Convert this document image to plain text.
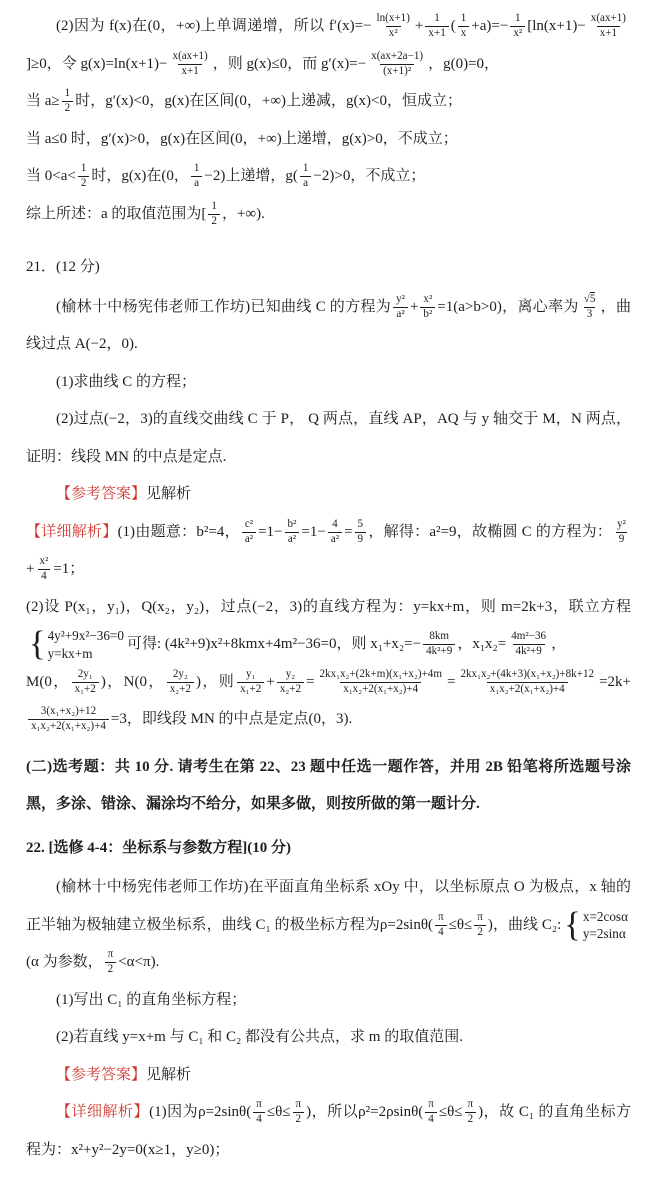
(2)因为 f(x)在(0，+∞)上单调递增，所以 $f'(x)=- \frac{\ln(x+1)}{\text{x²}} + \frac{1}{x+1}$ ( $\frac{1}{x} +a)=- \frac{1}{\text{x²}} [\ln(x+1)- \frac{x(ax+1)}{x+1}$
]≥0，令 $g(x)=\ln(x+1)- \frac{x(ax+1)}{x+1}$ ，则 g(x)≤0，而 $g'(x)=- \frac{x(ax+2a-1)}{\text{(x+1)²}}$ ，g(0)=0，
当 $a\ge \frac{1}{2}$ 时，g′(x)<0，g(x)在区间(0，+∞)上递减，g(x)<0，恒成立；
当 a≤0 时，g′(x)>0，g(x)在区间(0，+∞)上递增，g(x)>0，不成立；
当 $0<a< \frac{1}{2}$ 时，g(x)在(0， $\frac{1}{a} -2$)上递增，$g( \frac{1}{a} -2)>0$，不成立；
综上所述：a 的取值范围为[ $\frac{1}{2}$ ，+∞).
21．(12 分)
(榆林十中杨宪伟老师工作坊)已知曲线 C 的方程为 $\frac{\text{y²}}{\text{a²}} + \frac{\text{x²}}{\text{b²}} =1(a>b>0)$，离心率为 $\frac{√5}{3}$ ，曲线过点 A(−2，0).
(1)求曲线 C 的方程；
(2)过点(−2，3)的直线交曲线 C 于 P， Q 两点，直线 AP，AQ 与 y 轴交于 M，N 两点，证明：线段 MN 的中点是定点.
【参考答案】见解析
【详细解析】(1)由题意：b²=4， $\frac{\text{c²}}{\text{a²}} =1- \frac{\text{b²}}{\text{a²}} =1- \frac{4}{\text{a²}} = \frac{5}{9}$ ，解得：a²=9，故椭圆 C 的方程为： $\frac{\text{y²}}{9}$
+ $\frac{\text{x²}}{4} =1$；
(2)设 P(x₁，y₁)，Q(x₂，y₂)，过点(−2，3)的直线方程为：y=kx+m，则 m=2k+3，联立方程
{ 4y²+9x²−36=0
y=kx+m
可得: (4k²+9)x²+8kmx+4m²−36=0，则 $x_1+x_2=- \frac{8km}{\text{4k²+9}}$ ，$x_1x_2= \frac{\text{4m²−36}}{\text{4k²+9}}$ ，
M(0， $\frac{\text{2y₁}}{\text{x₁+2}}$ )，N(0， $\frac{\text{2y₂}}{\text{x₂+2}}$ )，则 $\frac{\text{y₁}}{\text{x₁+2}} + \frac{\text{y₂}}{\text{x₂+2}} = \frac{\text{2kx₁x₂+(2k+m)(x₁+x₂)+4m}}{\text{x₁x₂+2(x₁+x₂)+4}} = \frac{\text{2kx₁x₂+(4k+3)(x₁+x₂)+8k+12}}{\text{x₁x₂+2(x₁+x₂)+4}} =2k+$
$\frac{\text{3(x₁+x₂)+12}}{\text{x₁x₂+2(x₁+x₂)+4}} =3$，即线段 MN 的中点是定点(0，3).
(二)选考题：共 10 分. 请考生在第 22、23 题中任选一题作答，并用 2B 铅笔将所选题号涂黑，多涂、错涂、漏涂均不给分，如果多做，则按所做的第一题计分.
22. [选修 4-4：坐标系与参数方程](10 分)
(榆林十中杨宪伟老师工作坊)在平面直角坐标系 xOy 中，以坐标原点 O 为极点，x 轴的正半轴为极轴建立极坐标系，曲线 C₁ 的极坐标方程为$\rho=2\sin\theta( \frac{\pi}{4} \le\theta\le \frac{\pi}{2}$ )，曲线 C₂: { x=2cosα
y=2sinα
(α 为参数， $\frac{\pi}{2} <\alpha<\pi$).
(1)写出 C₁ 的直角坐标方程；
(2)若直线 y=x+m 与 C₁ 和 C₂ 都没有公共点，求 m 的取值范围.
【参考答案】见解析
【详细解析】(1)因为$\rho=2\sin\theta( \frac{\pi}{4} \le\theta\le \frac{\pi}{2}$ )，所以$\rho^2=2\rho\sin\theta( \frac{\pi}{4} \le\theta\le \frac{\pi}{2}$ )，故 C₁ 的直角坐标方程为：x²+y²−2y=0(x≥1，y≥0)；
